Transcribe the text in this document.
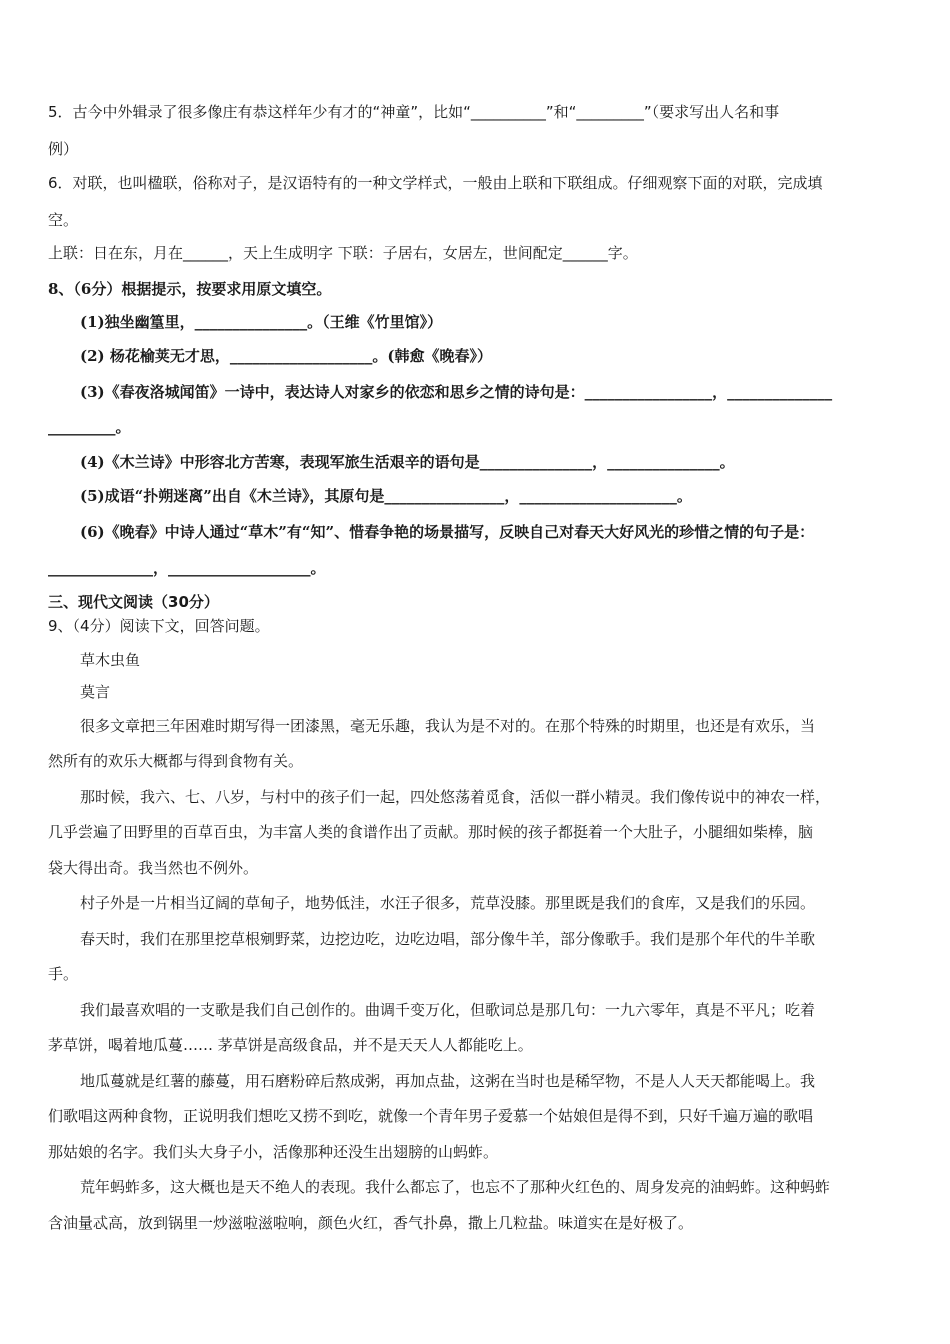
5．古今中外辑录了很多像庄有恭这样年少有才的“神童”，比如“__________”和“_________”（要求写出人名和事
例）
6．对联，也叫楹联，俗称对子，是汉语特有的一种文学样式，一般由上联和下联组成。仔细观察下面的对联，完成填
空。
上联：日在东，月在______，天上生成明字 下联：子居右，女居左，世间配定______字。
8、（6分）根据提示，按要求用原文填空。
(1)独坐幽篁里，_______________。（王维《竹里馆》）
(2) 杨花榆荚无才思，___________________。(韩愈《晚春》）
(3)《春夜洛城闻笛》一诗中，表达诗人对家乡的依恋和思乡之情的诗句是：_________________，______________
_________。
(4)《木兰诗》中形容北方苦寒，表现军旅生活艰辛的语句是_______________，_______________。
(5)成语“扑朔迷离”出自《木兰诗》，其原句是________________，_____________________。
(6)《晚春》中诗人通过“草木”有“知”、惜春争艳的场景描写，反映自己对春天大好风光的珍惜之情的句子是：
______________，___________________。
三、现代文阅读（30分）
9、（4分）阅读下文，回答问题。
草木虫鱼
莫言
很多文章把三年困难时期写得一团漆黑，毫无乐趣，我认为是不对的。在那个特殊的时期里，也还是有欢乐，当
然所有的欢乐大概都与得到食物有关。
那时候，我六、七、八岁，与村中的孩子们一起，四处悠荡着觅食，活似一群小精灵。我们像传说中的神农一样，
几乎尝遍了田野里的百草百虫，为丰富人类的食谱作出了贡献。那时候的孩子都挺着一个大肚子，小腿细如柴棒，脑
袋大得出奇。我当然也不例外。
村子外是一片相当辽阔的草甸子，地势低洼，水汪子很多，荒草没膝。那里既是我们的食库，又是我们的乐园。
春天时，我们在那里挖草根剜野菜，边挖边吃，边吃边唱，部分像牛羊，部分像歌手。我们是那个年代的牛羊歌
手。
我们最喜欢唱的一支歌是我们自己创作的。曲调千变万化，但歌词总是那几句：一九六零年，真是不平凡；吃着
茅草饼，喝着地瓜蔓…… 茅草饼是高级食品，并不是天天人人都能吃上。
地瓜蔓就是红薯的藤蔓，用石磨粉碎后熬成粥，再加点盐，这粥在当时也是稀罕物，不是人人天天都能喝上。我
们歌唱这两种食物，正说明我们想吃又捞不到吃，就像一个青年男子爱慕一个姑娘但是得不到，只好千遍万遍的歌唱
那姑娘的名字。我们头大身子小，活像那种还没生出翅膀的山蚂蚱。
荒年蚂蚱多，这大概也是天不绝人的表现。我什么都忘了，也忘不了那种火红色的、周身发亮的油蚂蚱。这种蚂蚱
含油量忒高，放到锅里一炒滋啦滋啦响，颜色火红，香气扑鼻，撒上几粒盐。味道实在是好极了。
